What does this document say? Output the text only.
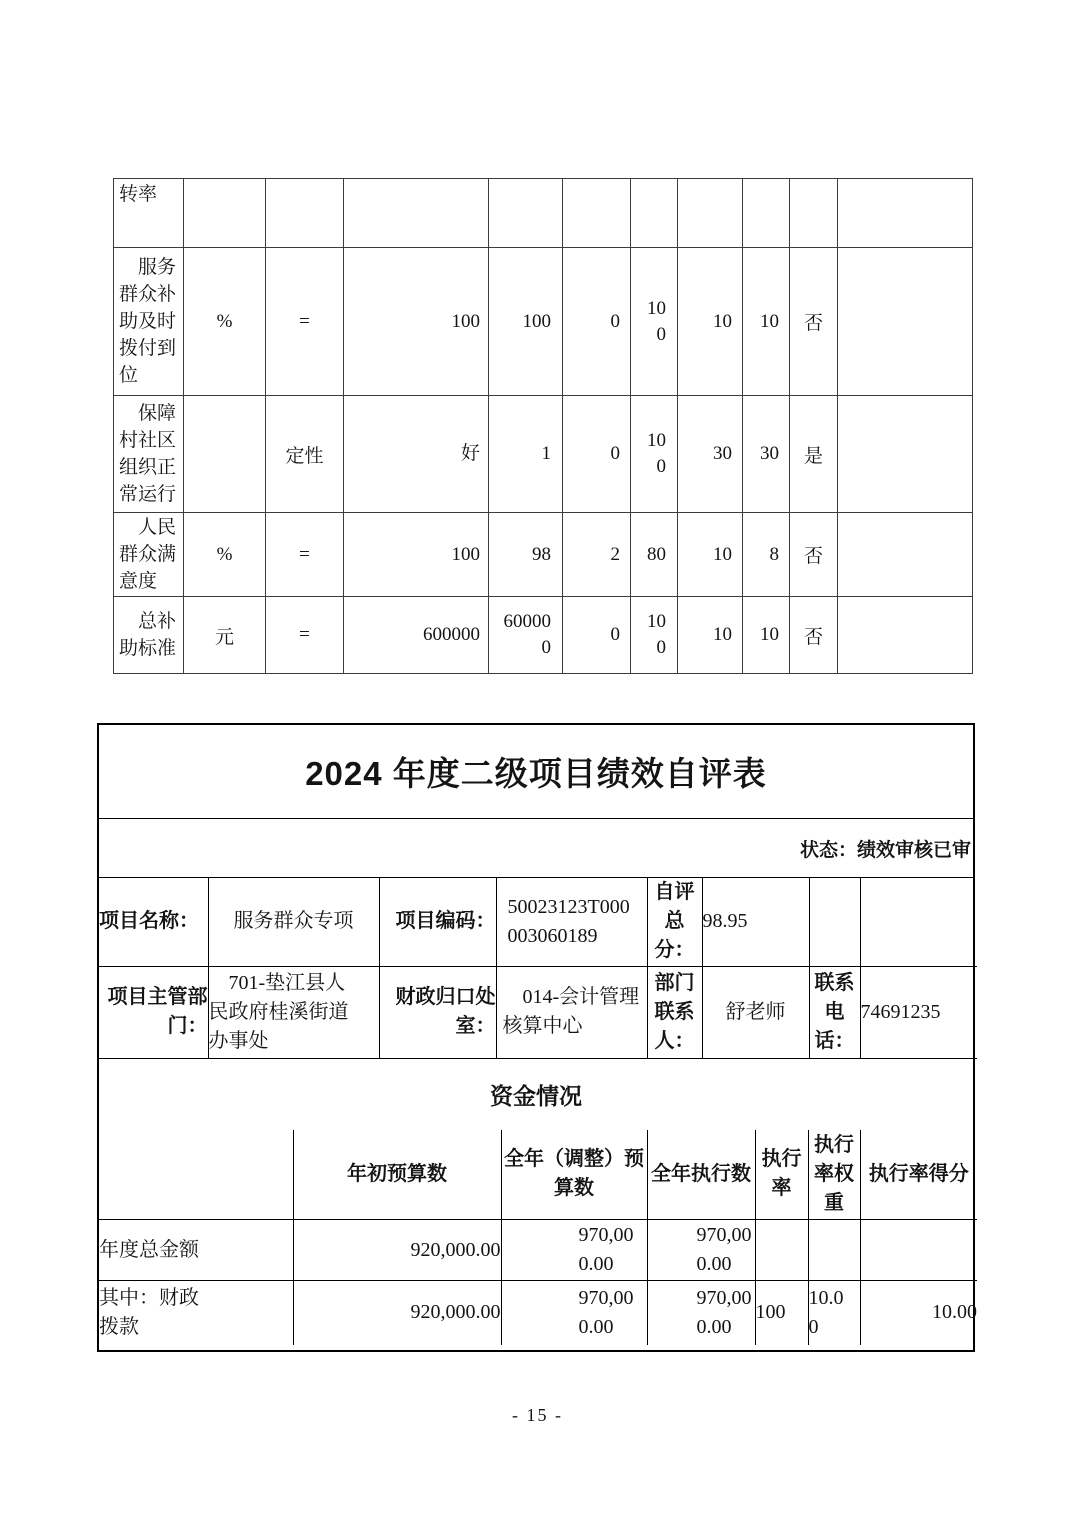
转率										
服务群众补助及时拨付到位	%	=	100	100	0	100	10	10	否	
保障村社区组织正常运行		定性	好	1	0	100	30	30	是	
人民群众满意度	%	=	100	98	2	80	10	8	否	
总补助标准	元	=	600000	600000	0	100	10	10	否	
2024 年度二级项目绩效自评表
状态：绩效审核已审
项目名称：	服务群众专项	项目编码：	50023123T000003060189	自评总分：	98.95		
项目主管部门：	701-垫江县人民政府桂溪街道办事处	财政归口处室：	014-会计管理核算中心	部门联系人：	舒老师	联系电话：	74691235
资金情况
	年初预算数	全年（调整）预算数	全年执行数	执行率	执行率权重	执行率得分
年度总金额	920,000.00	970,000.00	970,000.00			
其中：财政拨款	920,000.00	970,000.00	970,000.00	100	10.00	10.00
- 15 -
